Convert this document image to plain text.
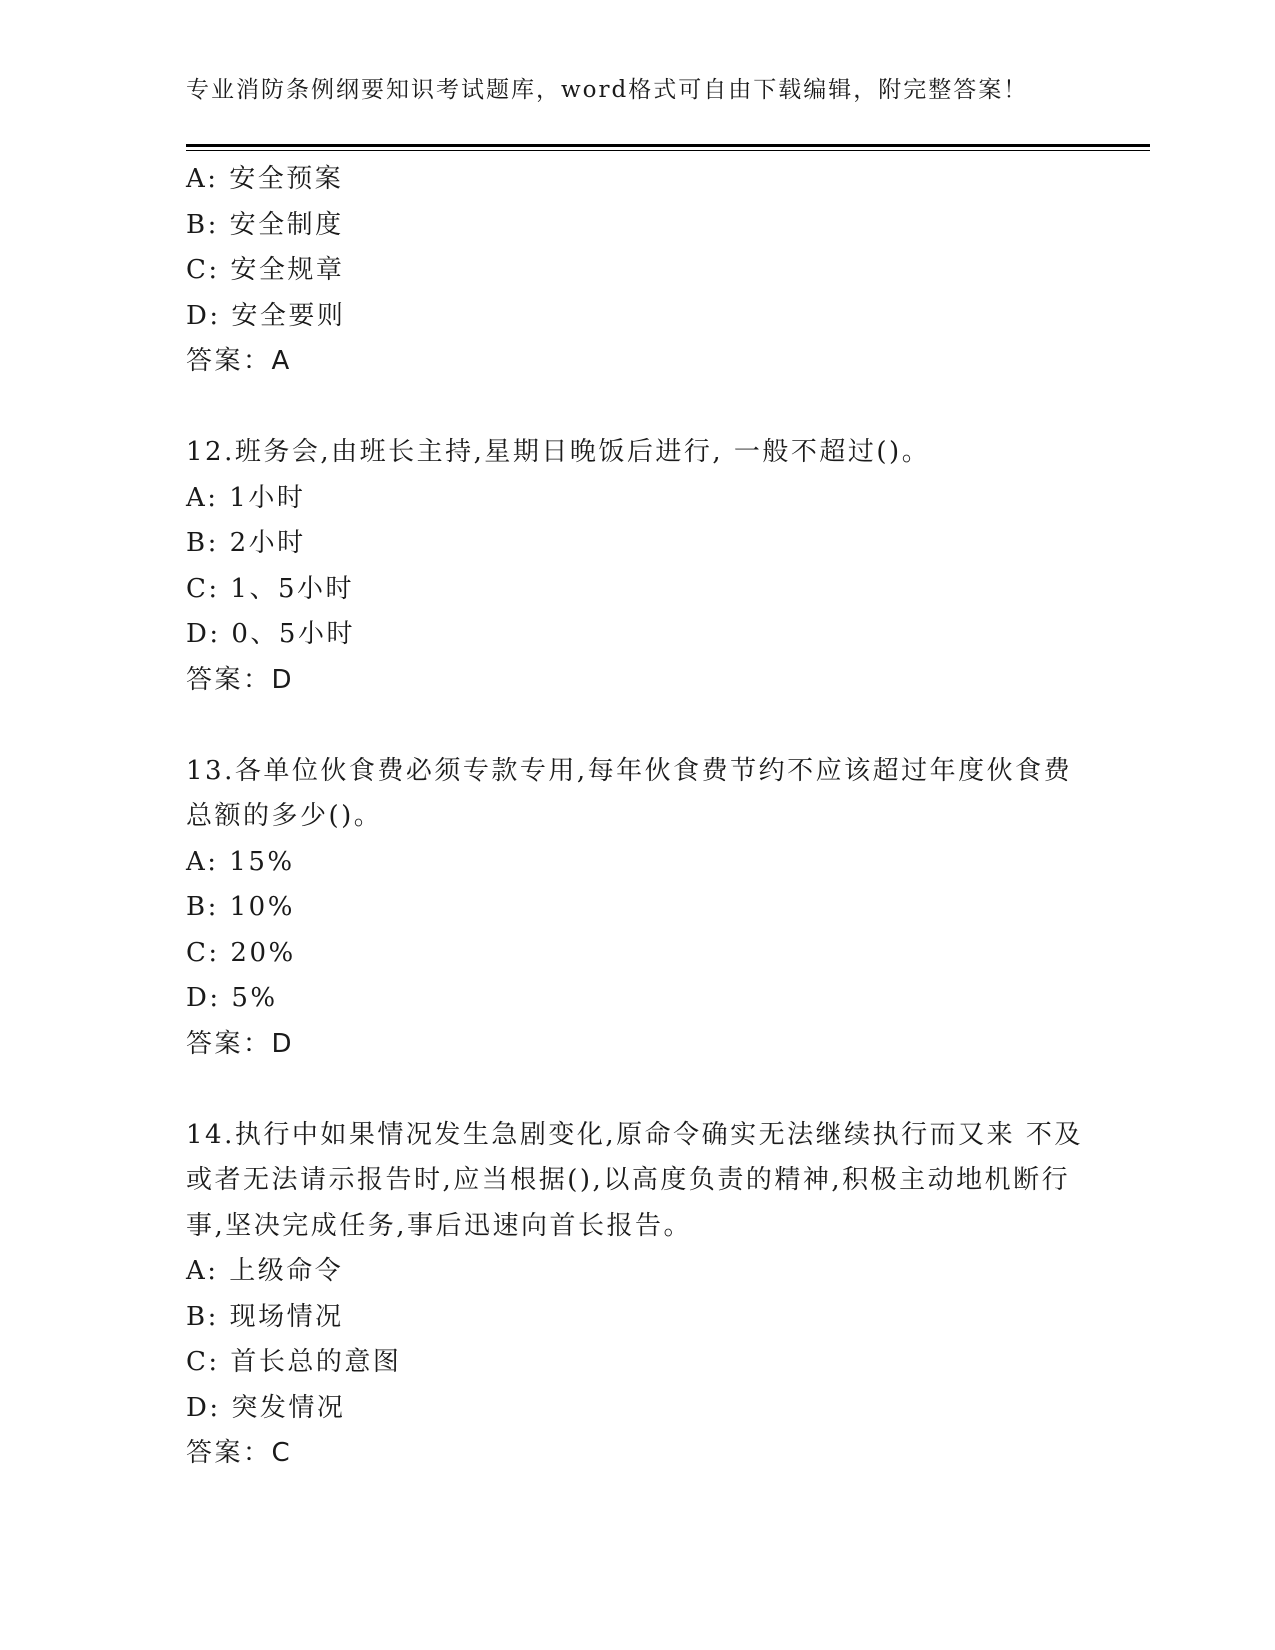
专业消防条例纲要知识考试题库，word格式可自由下载编辑，附完整答案！
A: 安全预案
B: 安全制度
C: 安全规章
D: 安全要则
答案：A
12.班务会,由班长主持,星期日晚饭后进行, 一般不超过()。
A: 1小时
B: 2小时
C: 1、5小时
D: 0、5小时
答案：D
13.各单位伙食费必须专款专用,每年伙食费节约不应该超过年度伙食费总额的多少()。
A: 15%
B: 10%
C: 20%
D: 5%
答案：D
14.执行中如果情况发生急剧变化,原命令确实无法继续执行而又来 不及或者无法请示报告时,应当根据(),以高度负责的精神,积极主动地机断行事,坚决完成任务,事后迅速向首长报告。
A: 上级命令
B: 现场情况
C: 首长总的意图
D: 突发情况
答案：C
